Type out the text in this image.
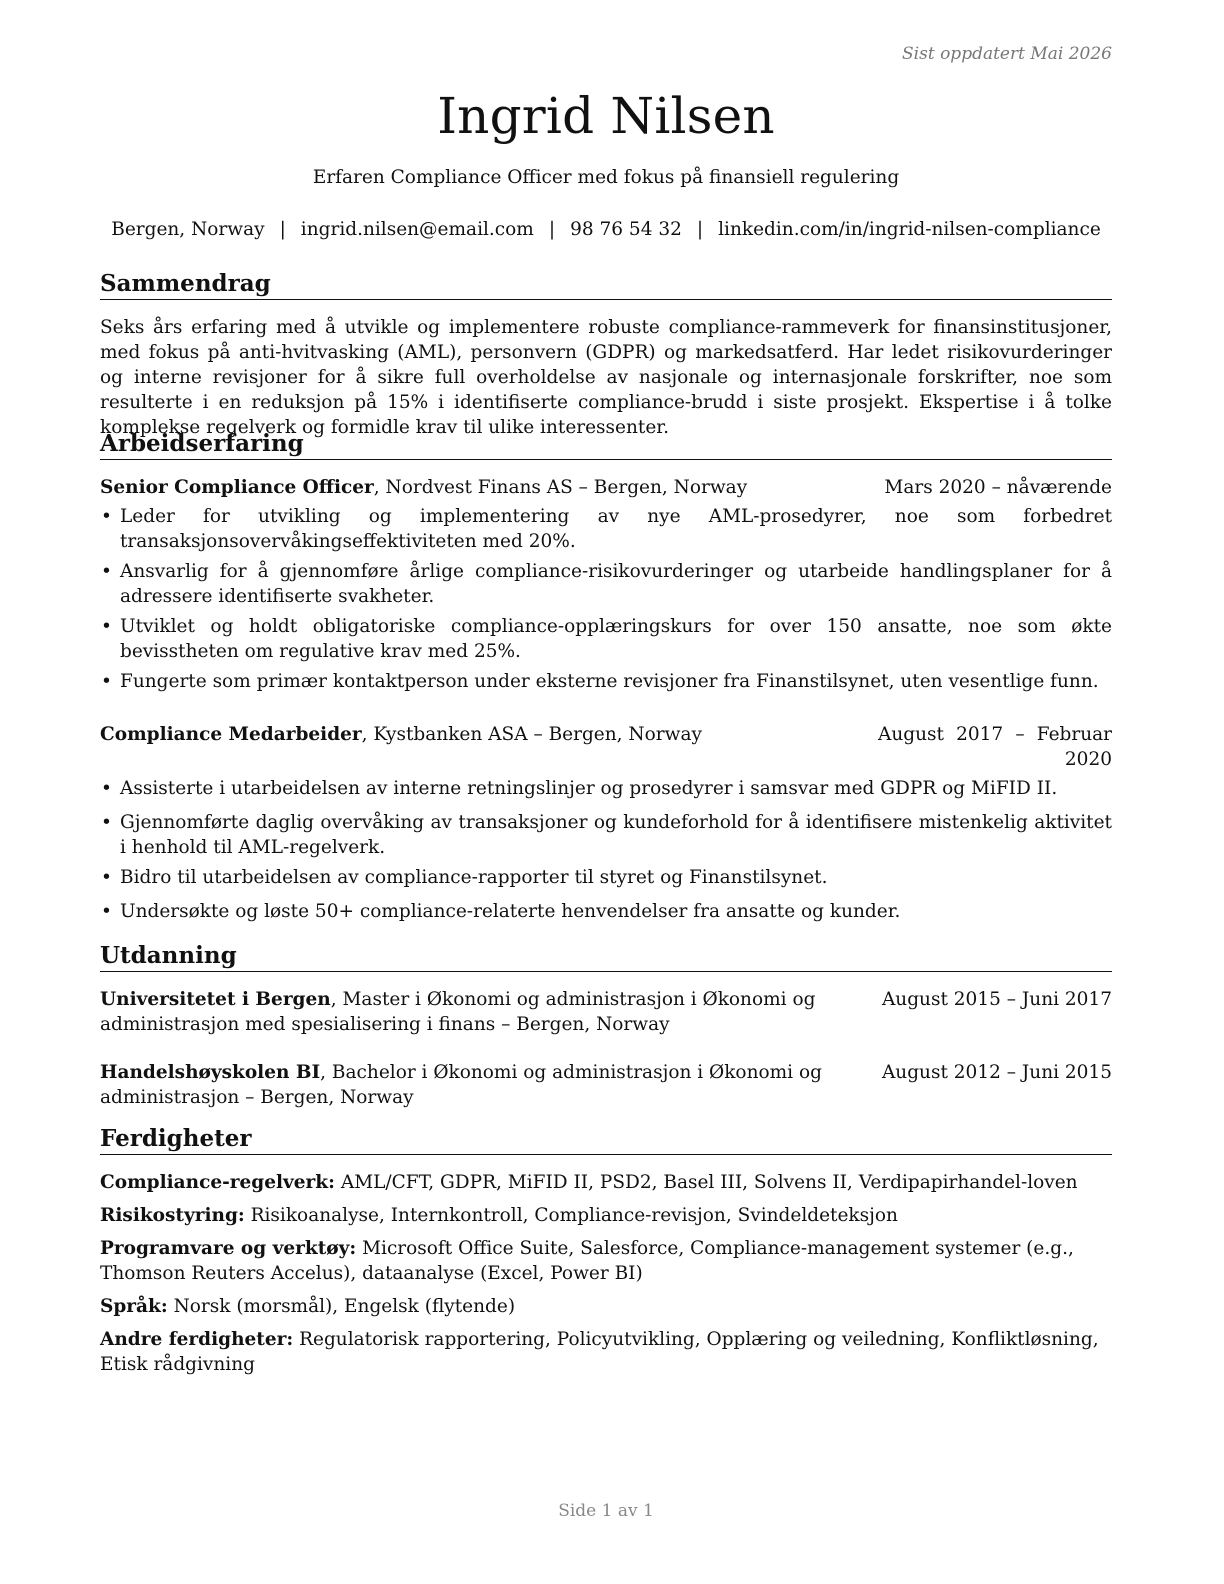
Sist oppdatert Mai 2026
Ingrid Nilsen
Erfaren Compliance Officer med fokus på finansiell regulering
Bergen, Norway | ingrid.nilsen@email.com | 98 76 54 32 | linkedin.com/in/ingrid-nilsen-compliance
Sammendrag

Seks års erfaring med å utvikle og implementere robuste compliance-rammeverk for finansinstitusjoner, med fokus på anti-hvitvasking (AML), personvern (GDPR) og markedsatferd. Har ledet risikovurderinger og interne revisjoner for å sikre full overholdelse av nasjonale og internasjonale forskrifter, noe som resulterte i en reduksjon på 15% i identifiserte compliance-brudd i siste prosjekt. Ekspertise i å tolke komplekse regelverk og formidle krav til ulike interessenter.

Arbeidserfaring
Senior Compliance Officer, Nordvest Finans AS – Bergen, Norway	Mars 2020 – nåværende
• Leder for utvikling og implementering av nye AML-prosedyrer, noe som forbedret transaksjonsovervåkingseffektiviteten med 20%.
• Ansvarlig for å gjennomføre årlige compliance-risikovurderinger og utarbeide handlingsplaner for å adressere identifiserte svakheter.
• Utviklet og holdt obligatoriske compliance-opplæringskurs for over 150 ansatte, noe som økte bevisstheten om regulative krav med 25%.
• Fungerte som primær kontaktperson under eksterne revisjoner fra Finanstilsynet, uten vesentlige funn.
Compliance Medarbeider, Kystbanken ASA – Bergen, Norway	August 2017 – Februar 2020
• Assisterte i utarbeidelsen av interne retningslinjer og prosedyrer i samsvar med GDPR og MiFID II.
• Gjennomførte daglig overvåking av transaksjoner og kundeforhold for å identifisere mistenkelig aktivitet i henhold til AML-regelverk.
• Bidro til utarbeidelsen av compliance-rapporter til styret og Finanstilsynet.
• Undersøkte og løste 50+ compliance-relaterte henvendelser fra ansatte og kunder.
Utdanning
Universitetet i Bergen, Master i Økonomi og administrasjon i Økonomi og administrasjon med spesialisering i finans – Bergen, Norway
August 2015 – Juni 2017
Handelshøyskolen BI, Bachelor i Økonomi og administrasjon i Økonomi og administrasjon – Bergen, Norway
August 2012 – Juni 2015
Ferdigheter
Compliance-regelverk: AML/CFT, GDPR, MiFID II, PSD2, Basel III, Solvens II, Verdipapirhandel-loven
Risikostyring: Risikoanalyse, Internkontroll, Compliance-revisjon, Svindeldeteksjon
Programvare og verktøy: Microsoft Office Suite, Salesforce, Compliance-management systemer (e.g., Thomson Reuters Accelus), dataanalyse (Excel, Power BI)
Språk: Norsk (morsmål), Engelsk (flytende)
Andre ferdigheter: Regulatorisk rapportering, Policyutvikling, Opplæring og veiledning, Konfliktløsning, Etisk rådgivning
Side 1 av 1
